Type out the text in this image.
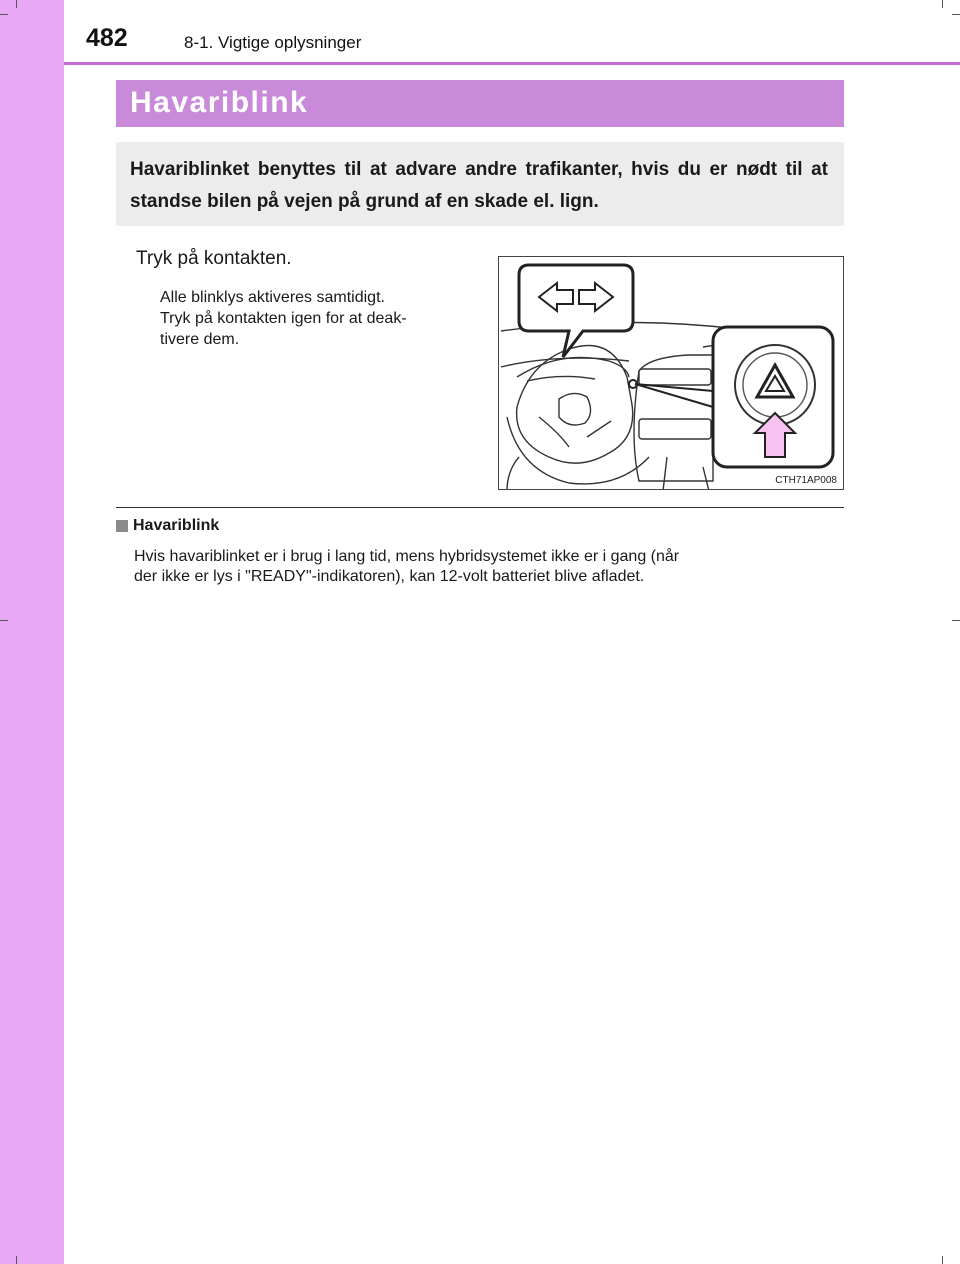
482	8-1. Vigtige oplysninger
Havariblink
Havariblinket benyttes til at advare andre trafikanter, hvis du er nødt til at standse bilen på vejen på grund af en skade el. lign.
Tryk på kontakten.
Alle blinklys aktiveres samtidigt.
Tryk på kontakten igen for at deak-
tivere dem.
CTH71AP008
Havariblink
Hvis havariblinket er i brug i lang tid, mens hybridsystemet ikke er i gang (når
der ikke er lys i "READY"-indikatoren), kan 12-volt batteriet blive afladet.
